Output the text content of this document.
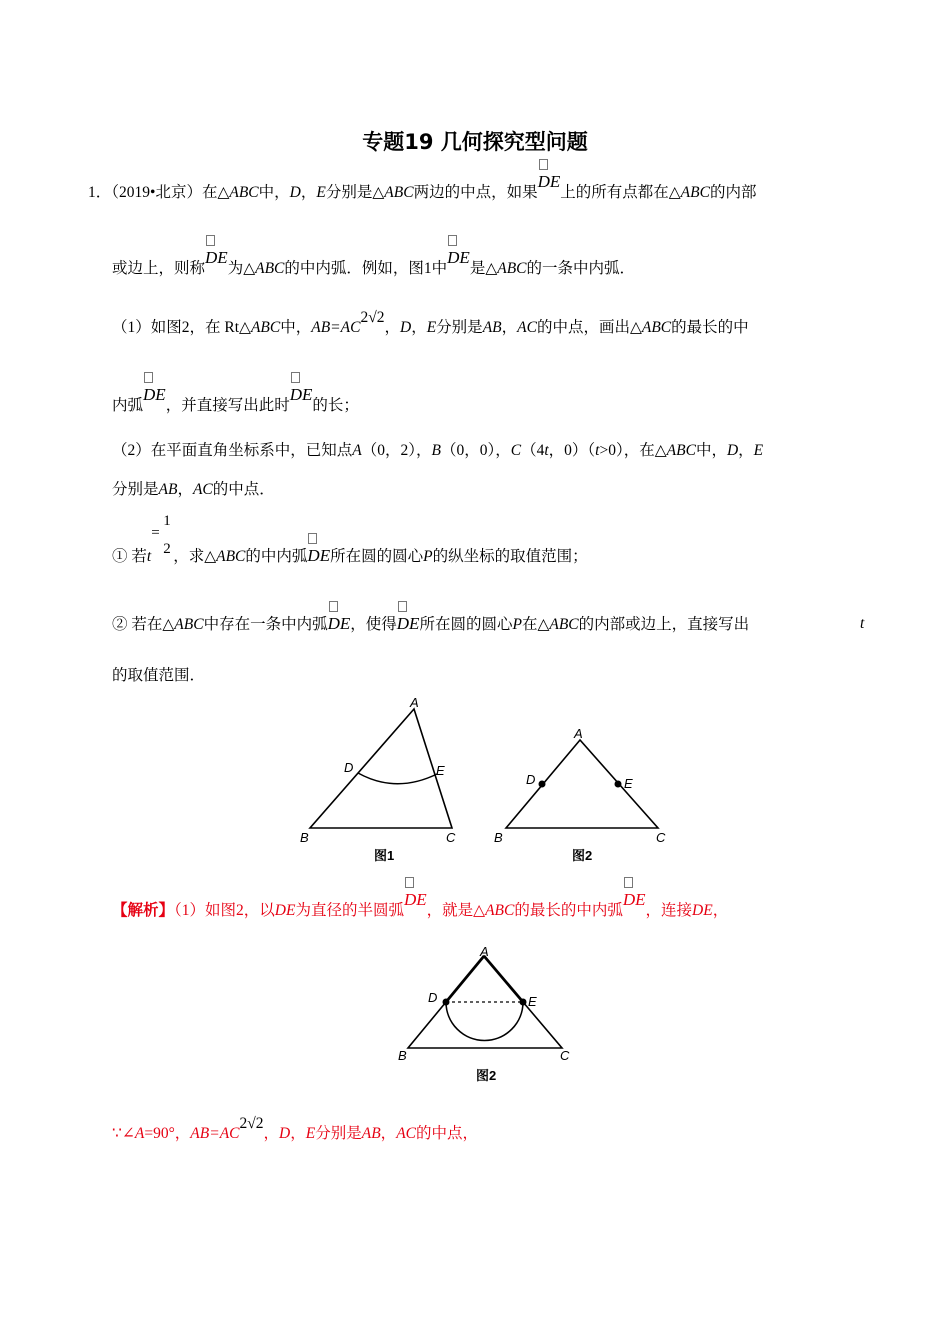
专题19 几何探究型问题
1．（2019•北京）在△ABC中，D，E分别是△ABC两边的中点，如果
DE上的所有点都在△ABC的内部
或边上，则称
DE为△ABC的中内弧．例如，图1中
DE是△ABC的一条中内弧．
（1）如图2，在 Rt△ABC中，AB=AC2√2，D，E分别是AB，AC的中点，画出△ABC的最长的中
内弧
DE，并直接写出此时
DE的长；
（2）在平面直角坐标系中，已知点A（0，2），B（0，0），C（4t，0）（t>0），在△ABC中，D，E
分别是AB，AC的中点．
① 若t
=
1
2 ，求△ABC的中内弧
DE所在圆的圆心P的纵坐标的取值范围；
② 若在△ABC中存在一条中内弧
DE，使得
DE所在圆的圆心P在△ABC的内部或边上，直接写出	t
的取值范围．
A
B	C
D	E
图1
A
B	C
D	E
图2
【解析】（1）如图2，以DE为直径的半圆弧
DE，就是△ABC的最长的中内弧
DE，连接DE，
A
B	C
D	E
图2
∵∠A=90°，AB=AC2√2，D，E分别是AB，AC的中点，
